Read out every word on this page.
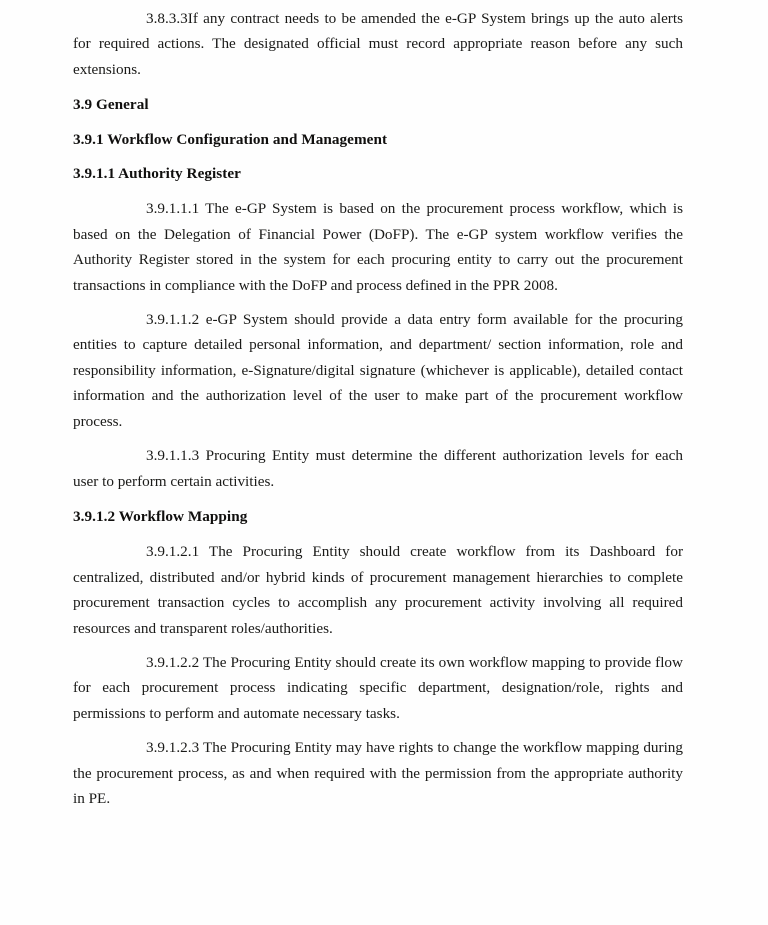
3.8.3.3If any contract needs to be amended the e-GP System brings up the auto alerts for required actions. The designated official must record appropriate reason before any such extensions.

3.9 General

3.9.1 Workflow Configuration and Management

3.9.1.1 Authority Register

3.9.1.1.1 The e-GP System is based on the procurement process workflow, which is based on the Delegation of Financial Power (DoFP). The e-GP system workflow verifies the Authority Register stored in the system for each procuring entity to carry out the procurement transactions in compliance with the DoFP and process defined in the PPR 2008.

3.9.1.1.2 e-GP System should provide a data entry form available for the procuring entities to capture detailed personal information, and department/ section information, role and responsibility information, e-Signature/digital signature (whichever is applicable), detailed contact information and the authorization level of the user to make part of the procurement workflow process.

3.9.1.1.3 Procuring Entity must determine the different authorization levels for each user to perform certain activities.

3.9.1.2 Workflow Mapping

3.9.1.2.1 The Procuring Entity should create workflow from its Dashboard for centralized, distributed and/or hybrid kinds of procurement management hierarchies to complete procurement transaction cycles to accomplish any procurement activity involving all required resources and transparent roles/authorities.

3.9.1.2.2 The Procuring Entity should create its own workflow mapping to provide flow for each procurement process indicating specific department, designation/role, rights and permissions to perform and automate necessary tasks.

3.9.1.2.3 The Procuring Entity may have rights to change the workflow mapping during the procurement process, as and when required with the permission from the appropriate authority in PE.
